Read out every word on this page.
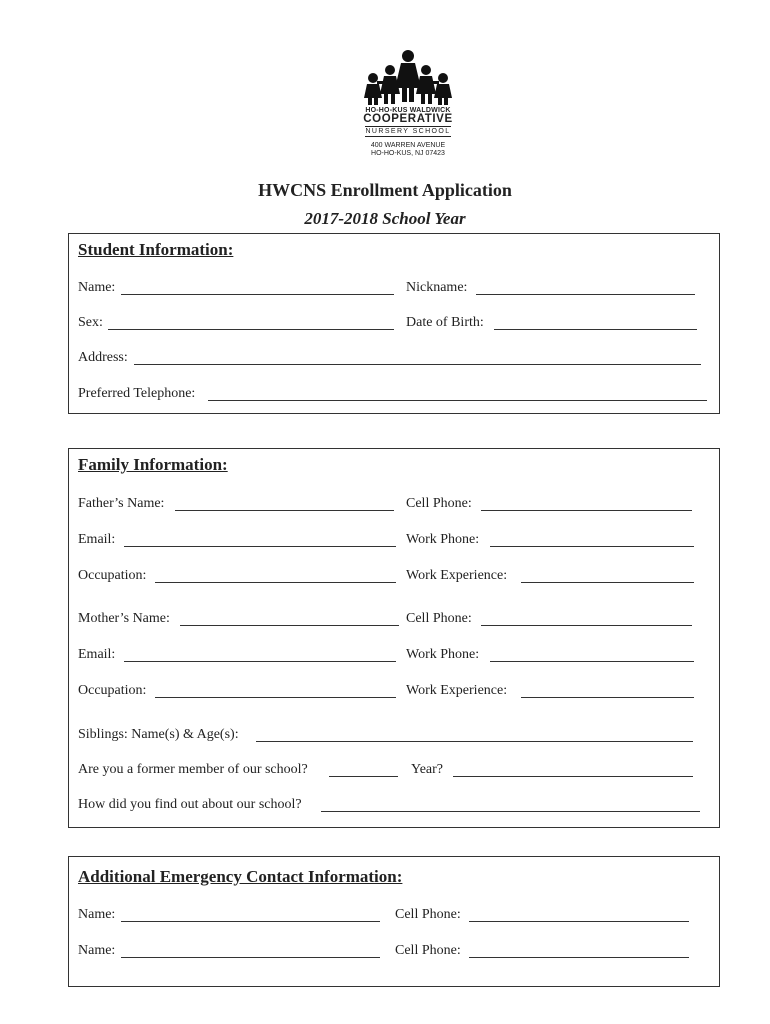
HO-HO-KUS WALDWICK
COOPERATIVE
NURSERY SCHOOL
400 WARREN AVENUE
HO-HO-KUS, NJ 07423
HWCNS Enrollment Application
2017-2018 School Year
Student Information:
Name:	Nickname:
Sex:	Date of Birth:
Address:
Preferred Telephone:
Family Information:
Father’s Name:	Cell Phone:
Email:	Work Phone:
Occupation:	Work Experience:
Mother’s Name:	Cell Phone:
Email:	Work Phone:
Occupation:	Work Experience:
Siblings: Name(s) & Age(s):
Are you a former member of our school?	Year?
How did you find out about our school?
Additional Emergency Contact Information:
Name:	Cell Phone:
Name:	Cell Phone:
